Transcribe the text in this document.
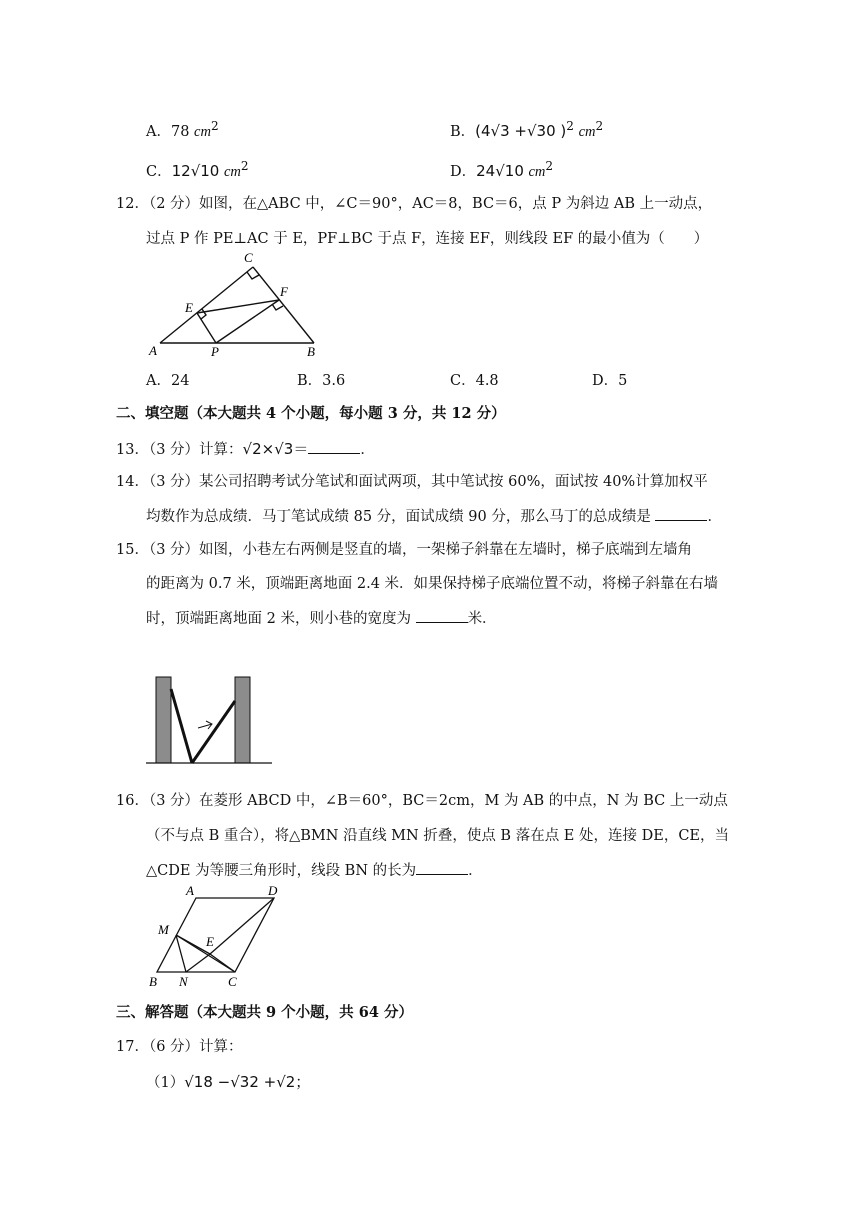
A．78 $cm^2$	B．(4√3 +√30 )$^2$ $cm^2$
C．12√10 $cm^2$	D．24√10 $cm^2$
12．（2 分）如图，在△ABC 中，∠C＝90°，AC＝8，BC＝6，点 P 为斜边 AB 上一动点，
过点 P 作 PE⊥AC 于 E，PF⊥BC 于点 F，连接 EF，则线段 EF 的最小值为（　　）
C
E
F
A	P	B
A．24	B．3.6	C．4.8	D．5
二、填空题（本大题共 4 个小题，每小题 3 分，共 12 分）
13．（3 分）计算：√2×√3＝	．
14．（3 分）某公司招聘考试分笔试和面试两项，其中笔试按 60%，面试按 40%计算加权平
均数作为总成绩．马丁笔试成绩 85 分，面试成绩 90 分，那么马丁的总成绩是	．
15．（3 分）如图，小巷左右两侧是竖直的墙，一架梯子斜靠在左墙时，梯子底端到左墙角
的距离为 0.7 米，顶端距离地面 2.4 米．如果保持梯子底端位置不动，将梯子斜靠在右墙
时，顶端距离地面 2 米，则小巷的宽度为	米．
16．（3 分）在菱形 ABCD 中，∠B＝60°，BC＝2cm，M 为 AB 的中点，N 为 BC 上一动点
（不与点 B 重合），将△BMN 沿直线 MN 折叠，使点 B 落在点 E 处，连接 DE，CE，当
△CDE 为等腰三角形时，线段 BN 的长为	．
A	D
M
E
B N	C
三、解答题（本大题共 9 个小题，共 64 分）
17．（6 分）计算：
（1）√18 −√32 +√2；
